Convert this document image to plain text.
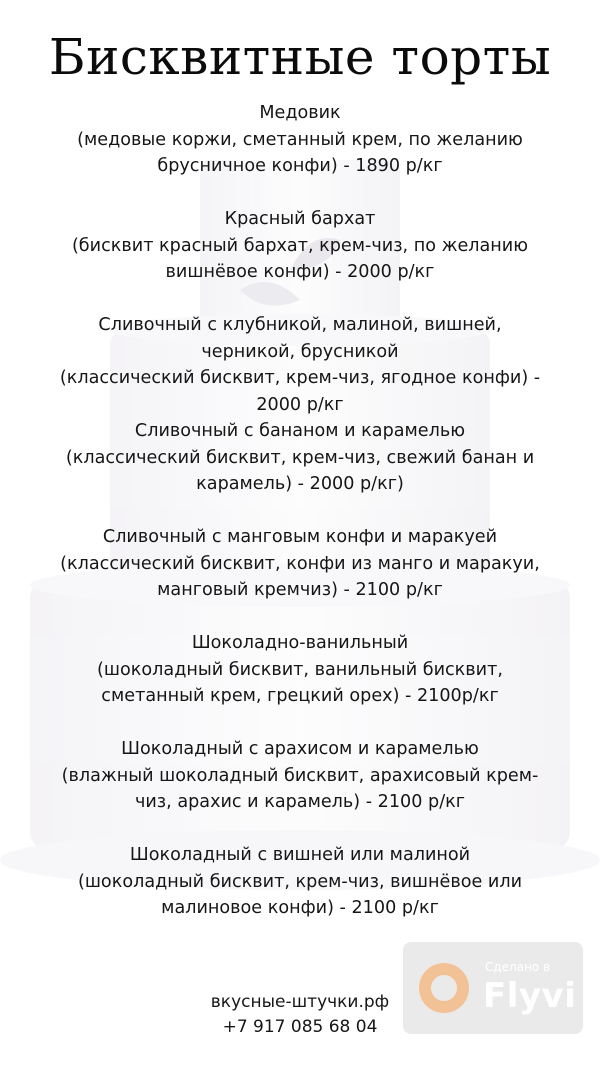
Бисквитные торты
Медовик
(медовые коржи, сметанный крем, по желанию
брусничное конфи) - 1890 р/кг
Красный бархат
(бисквит красный бархат, крем-чиз, по желанию
вишнёвое конфи) - 2000 р/кг
Сливочный с клубникой, малиной, вишней,
черникой, брусникой
(классический бисквит, крем-чиз, ягодное конфи) -
2000 р/кг
Сливочный с бананом и карамелью
(классический бисквит, крем-чиз, свежий банан и
карамель) - 2000 р/кг)
Сливочный с манговым конфи и маракуей
(классический бисквит, конфи из манго и маракуи,
манговый кремчиз) - 2100 р/кг
Шоколадно-ванильный
(шоколадный бисквит, ванильный бисквит,
сметанный крем, грецкий орех) - 2100р/кг
Шоколадный с арахисом и карамелью
(влажный шоколадный бисквит, арахисовый крем-
чиз, арахис и карамель) - 2100 р/кг
Шоколадный с вишней или малиной
(шоколадный бисквит, крем-чиз, вишнёвое или
малиновое конфи) - 2100 р/кг
вкусные-штучки.рф
+7 917 085 68 04
Сделано в
Flyvi
